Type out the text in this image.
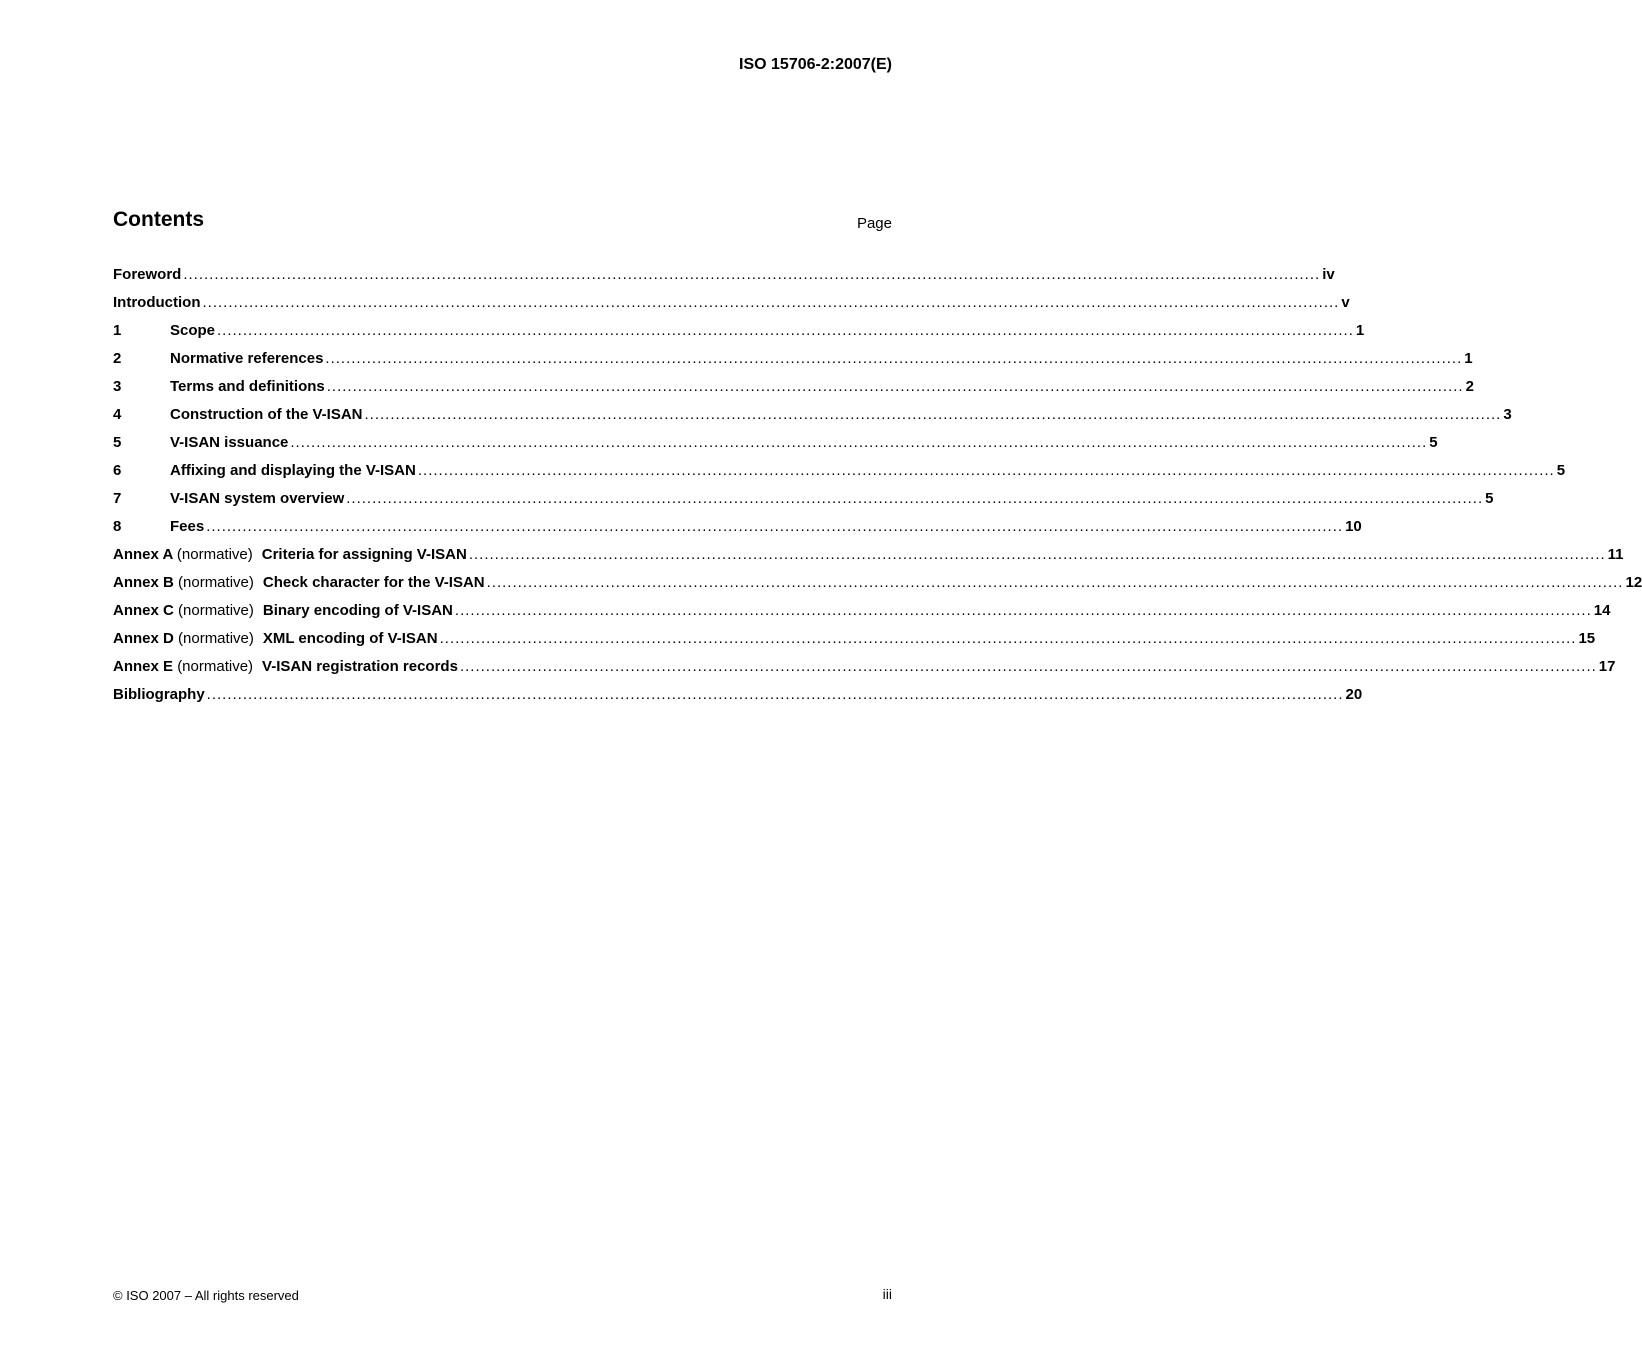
ISO 15706-2:2007(E)
Contents	Page
Foreword ............................................................................................................................................................................................................................ iv
Introduction ............................................................................................................................................................................................................................ v
1	Scope ............................................................................................................................................................................................................................ 1
2	Normative references ............................................................................................................................................................................................................................ 1
3	Terms and definitions ............................................................................................................................................................................................................................ 2
4	Construction of the V-ISAN ............................................................................................................................................................................................................................ 3
5	V-ISAN issuance ............................................................................................................................................................................................................................ 5
6	Affixing and displaying the V-ISAN ............................................................................................................................................................................................................................ 5
7	V-ISAN system overview ............................................................................................................................................................................................................................ 5
8	Fees ............................................................................................................................................................................................................................ 10
Annex A (normative) Criteria for assigning V-ISAN ............................................................................................................................................................................................................................ 11
Annex B (normative) Check character for the V-ISAN ............................................................................................................................................................................................................................ 12
Annex C (normative) Binary encoding of V-ISAN ............................................................................................................................................................................................................................ 14
Annex D (normative) XML encoding of V-ISAN ............................................................................................................................................................................................................................ 15
Annex E (normative) V-ISAN registration records ............................................................................................................................................................................................................................ 17
Bibliography ............................................................................................................................................................................................................................ 20
© ISO 2007 – All rights reserved	iii
